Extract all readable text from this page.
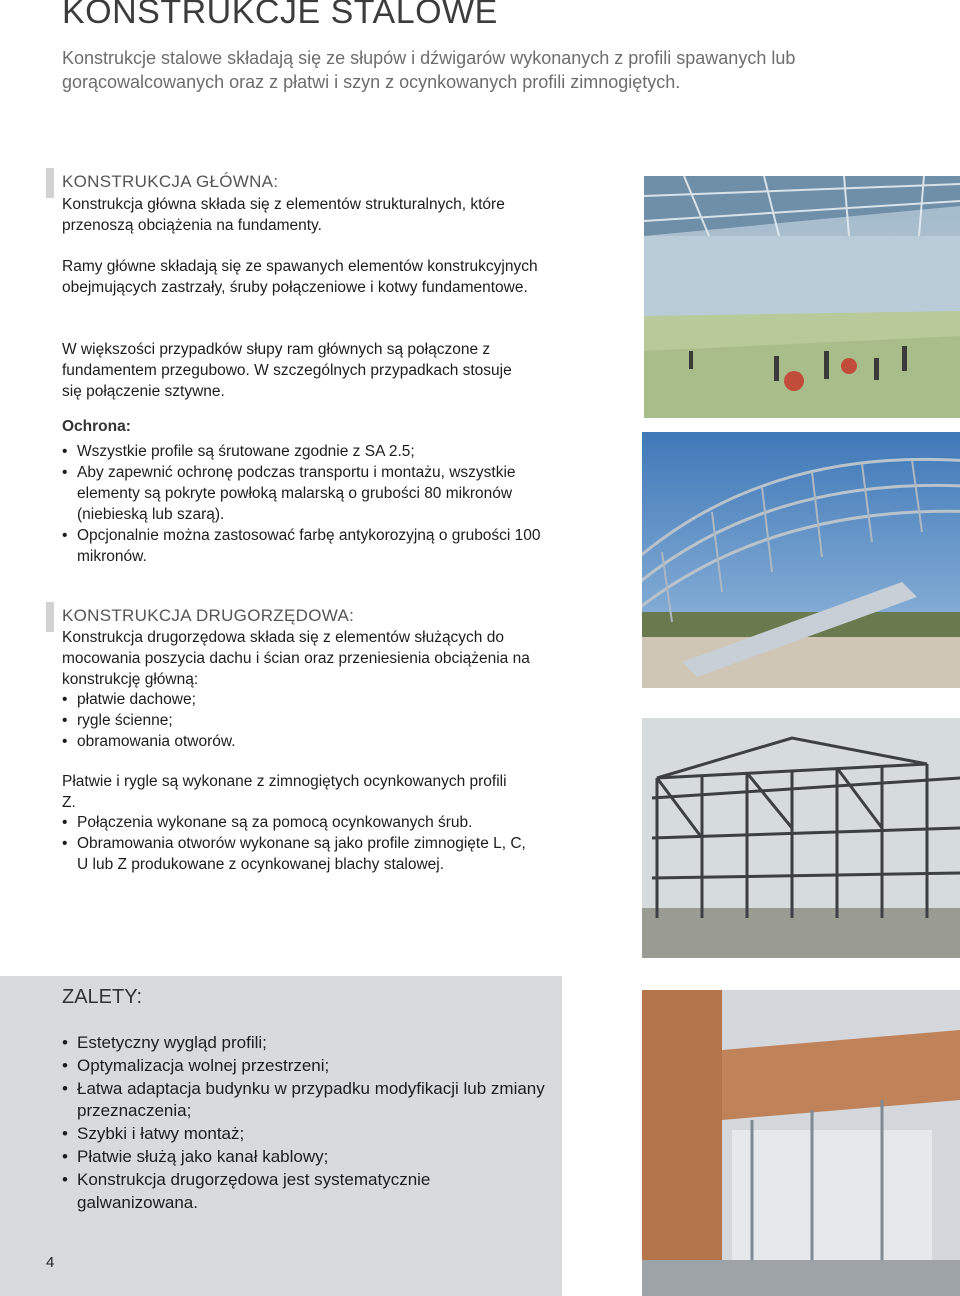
KONSTRUKCJE STALOWE
Konstrukcje stalowe składają się ze słupów i dźwigarów wykonanych z profili spawanych lub gorącowalcowanych oraz z płatwi i szyn z ocynkowanych profili zimnogiętych.
KONSTRUKCJA GŁÓWNA:

Konstrukcja główna składa się z elementów strukturalnych, które przenoszą obciążenia na fundamenty.

Ramy główne składają się ze spawanych elementów konstrukcyjnych obejmujących zastrzały, śruby połączeniowe i kotwy fundamentowe.

W większości przypadków słupy ram głównych są połączone z fundamentem przegubowo. W szczególnych przypadkach stosuje się połączenie sztywne.

Ochrona:
• Wszystkie profile są śrutowane zgodnie z SA 2.5;
• Aby zapewnić ochronę podczas transportu i montażu, wszystkie elementy są pokryte powłoką malarską o grubości 80 mikronów (niebieską lub szarą).
• Opcjonalnie można zastosować farbę antykorozyjną o grubości 100 mikronów.
KONSTRUKCJA DRUGORZĘDOWA:

Konstrukcja drugorzędowa składa się z elementów służących do mocowania poszycia dachu i ścian oraz przeniesienia obciążenia na konstrukcję główną:

• płatwie dachowe;
• rygle ścienne;
• obramowania otworów.

Płatwie i rygle są wykonane z zimnogiętych ocynkowanych profili Z.

• Połączenia wykonane są za pomocą ocynkowanych śrub.
• Obramowania otworów wykonane są jako profile zimnogięte L, C, U lub Z produkowane z ocynkowanej blachy stalowej.
ZALETY:
• Estetyczny wygląd profili;
• Optymalizacja wolnej przestrzeni;
• Łatwa adaptacja budynku w przypadku modyfikacji lub zmiany przeznaczenia;
• Szybki i łatwy montaż;
• Płatwie służą jako kanał kablowy;
• Konstrukcja drugorzędowa jest systematycznie galwanizowana.
4
